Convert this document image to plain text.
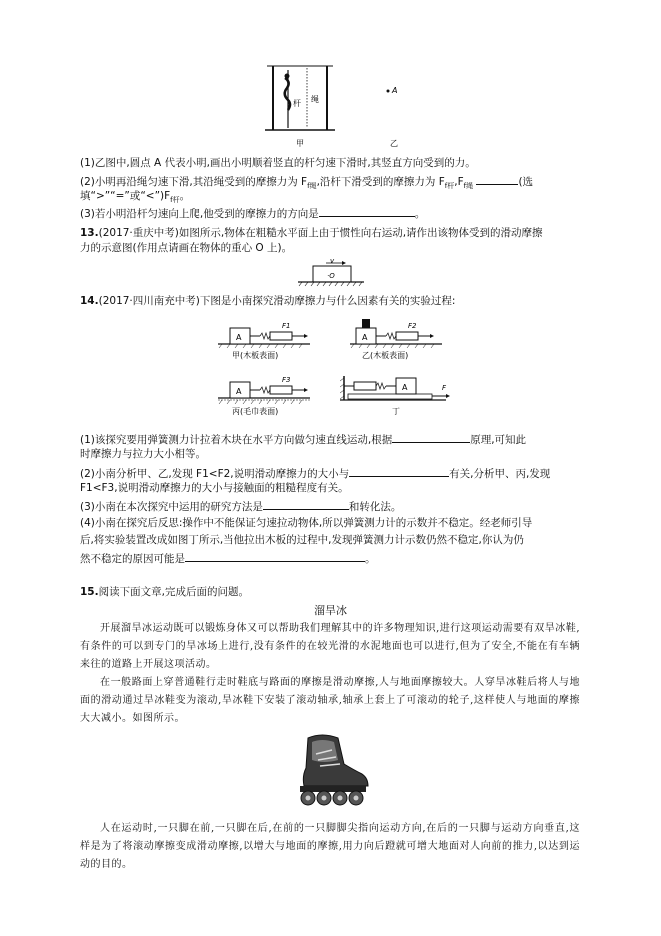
杆 绳
甲
A
乙
(1)乙图中,圆点 A 代表小明,画出小明顺着竖直的杆匀速下滑时,其竖直方向受到的力。
(2)小明再沿绳匀速下滑,其沿绳受到的摩擦力为 $F_{f绳}$,沿杆下滑受到的摩擦力为 $F_{f杆},F_{f绳}$	(选
填“>”“=”或“$<”)F_{f杆}$。
(3)若小明沿杆匀速向上爬,他受到的摩擦力的方向是	。
13.(2017·重庆中考)如图所示,物体在粗糙水平面上由于惯性向右运动,请作出该物体受到的滑动摩擦
力的示意图(作用点请画在物体的重心 O 上)。
v
·O
14.(2017·四川南充中考)下图是小南探究滑动摩擦力与什么因素有关的实验过程:
A
F1
甲(木板表面)
A
F2
乙(木板表面)
A
F3
丙(毛巾表面)
A	F
丁
(1)该探究要用弹簧测力计拉着木块在水平方向做匀速直线运动,根据	原理,可知此
时摩擦力与拉力大小相等。
(2)小南分析甲、乙,发现 F1<F2,说明滑动摩擦力的大小与	有关,分析甲、丙,发现
F1<F3,说明滑动摩擦力的大小与接触面的粗糙程度有关。
(3)小南在本次探究中运用的研究方法是	和转化法。
(4)小南在探究后反思:操作中不能保证匀速拉动物体,所以弹簧测力计的示数并不稳定。经老师引导
后,将实验装置改成如图丁所示,当他拉出木板的过程中,发现弹簧测力计示数仍然不稳定,你认为仍
然不稳定的原因可能是	。
15.阅读下面文章,完成后面的问题。
溜旱冰
开展溜旱冰运动既可以锻炼身体又可以帮助我们理解其中的许多物理知识,进行这项运动需要有双旱冰鞋,有条件的可以到专门的旱冰场上进行,没有条件的在较光滑的水泥地面也可以进行,但为了安全,不能在有车辆来往的道路上开展这项活动。
在一般路面上穿普通鞋行走时鞋底与路面的摩擦是滑动摩擦,人与地面摩擦较大。人穿旱冰鞋后将人与地面的滑动通过旱冰鞋变为滚动,旱冰鞋下安装了滚动轴承,轴承上套上了可滚动的轮子,这样使人与地面的摩擦大大减小。如图所示。
人在运动时,一只脚在前,一只脚在后,在前的一只脚脚尖指向运动方向,在后的一只脚与运动方向垂直,这样是为了将滚动摩擦变成滑动摩擦,以增大与地面的摩擦,用力向后蹬就可增大地面对人向前的推力,以达到运动的目的。
